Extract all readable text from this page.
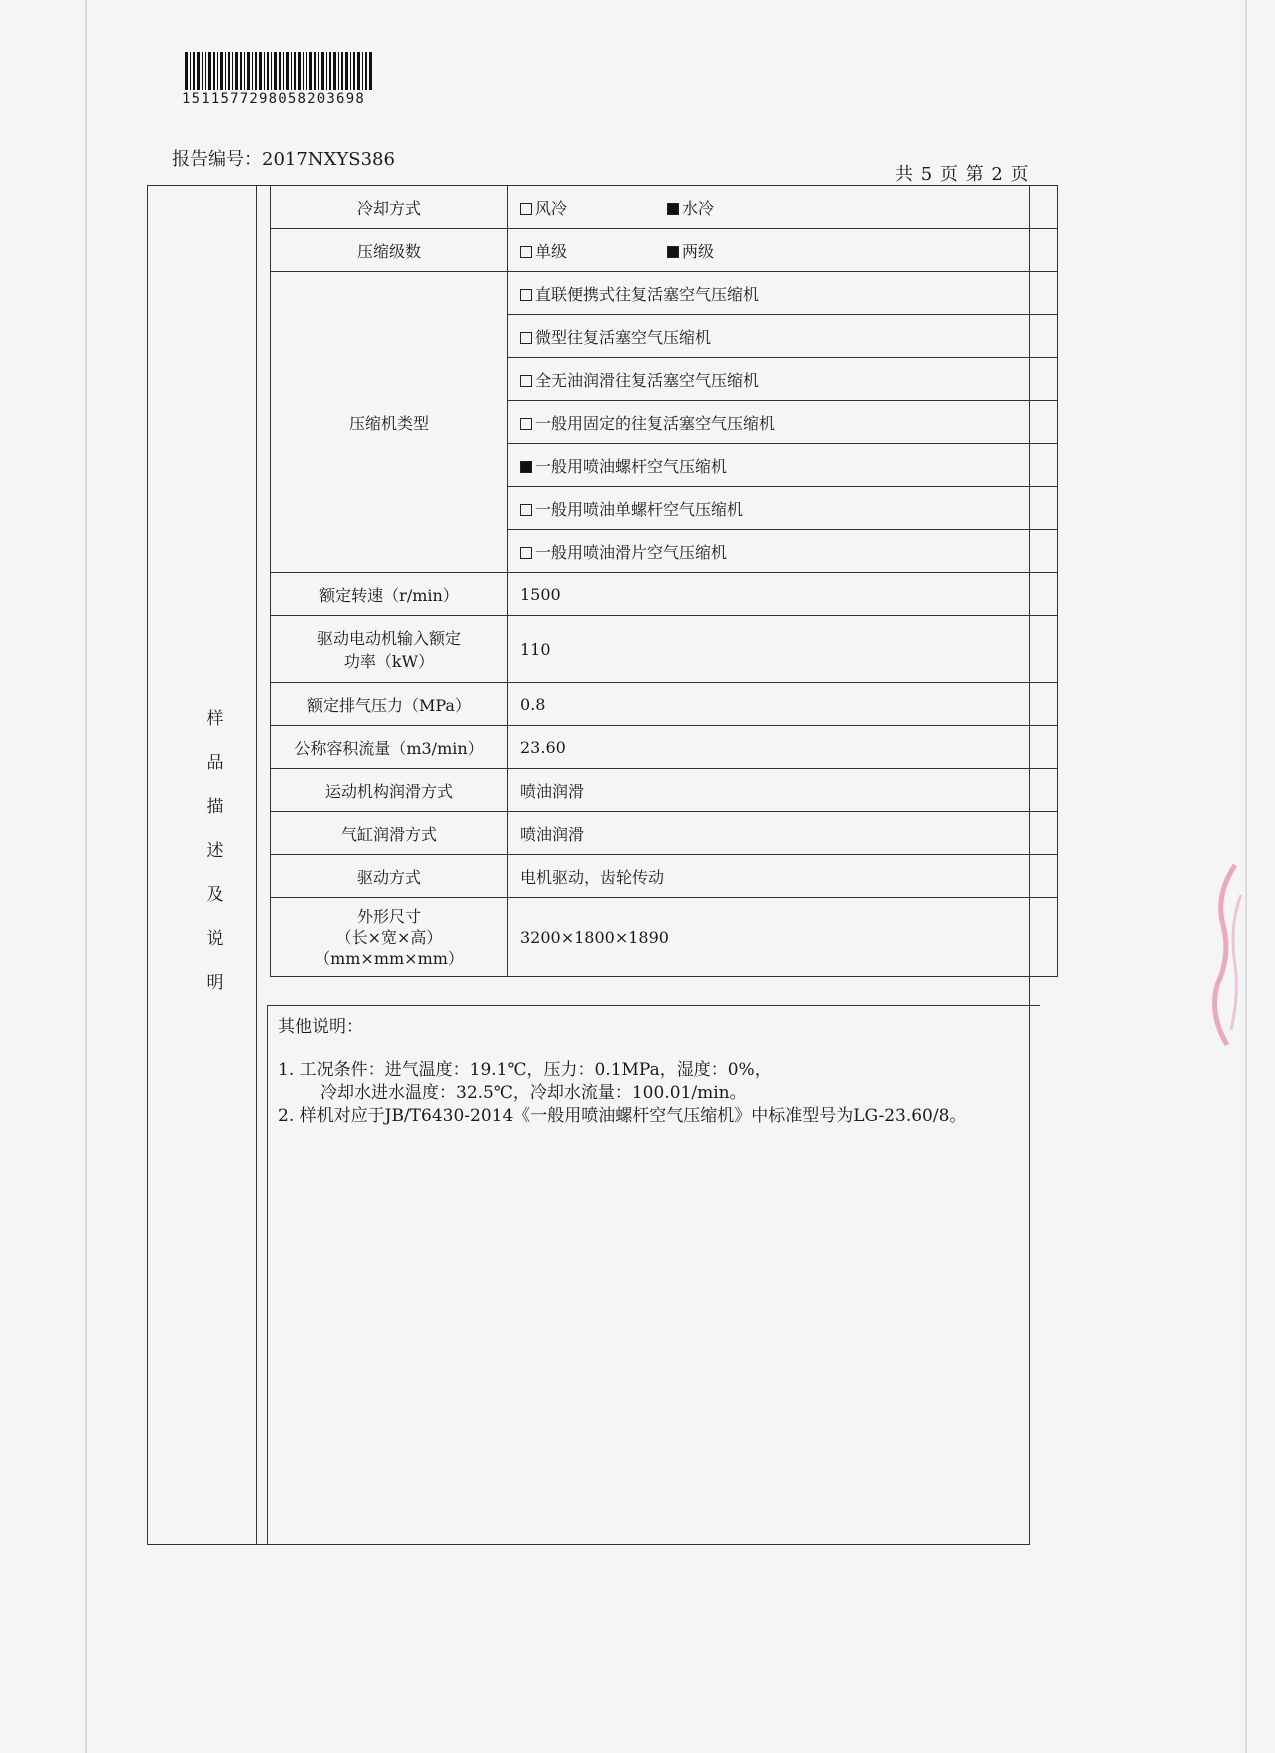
151157729805820369​8
报告编号：2017NXYS386
共 5 页 第 2 页
样
品
描
述
及
说
明
冷却方式	风冷 水冷
压缩级数	单级 两级
压缩机类型	直联便携式往复活塞空气压缩机
	微型往复活塞空气压缩机
	全无油润滑往复活塞空气压缩机
	一般用固定的往复活塞空气压缩机
	一般用喷油螺杆空气压缩机
	一般用喷油单螺杆空气压缩机
	一般用喷油滑片空气压缩机
额定转速（r/min）	1500

驱动电动机输入额定
功率（kW）	110
额定排气压力（MPa）	0.8
公称容积流量（m3/min）	23.60
运动机构润滑方式	喷油润滑
气缸润滑方式	喷油润滑
驱动方式	电机驱动，齿轮传动

外形尺寸
（长×宽×高）
（mm×mm×mm）	3200×1800×1890
其他说明：
1. 工况条件：进气温度：19.1℃，压力：0.1MPa，湿度：0%，
冷却水进水温度：32.5℃，冷却水流量：100.01/min。
2. 样机对应于JB/T6430-2014《一般用喷油螺杆空气压缩机》中标准型号为LG-23.60/8。
